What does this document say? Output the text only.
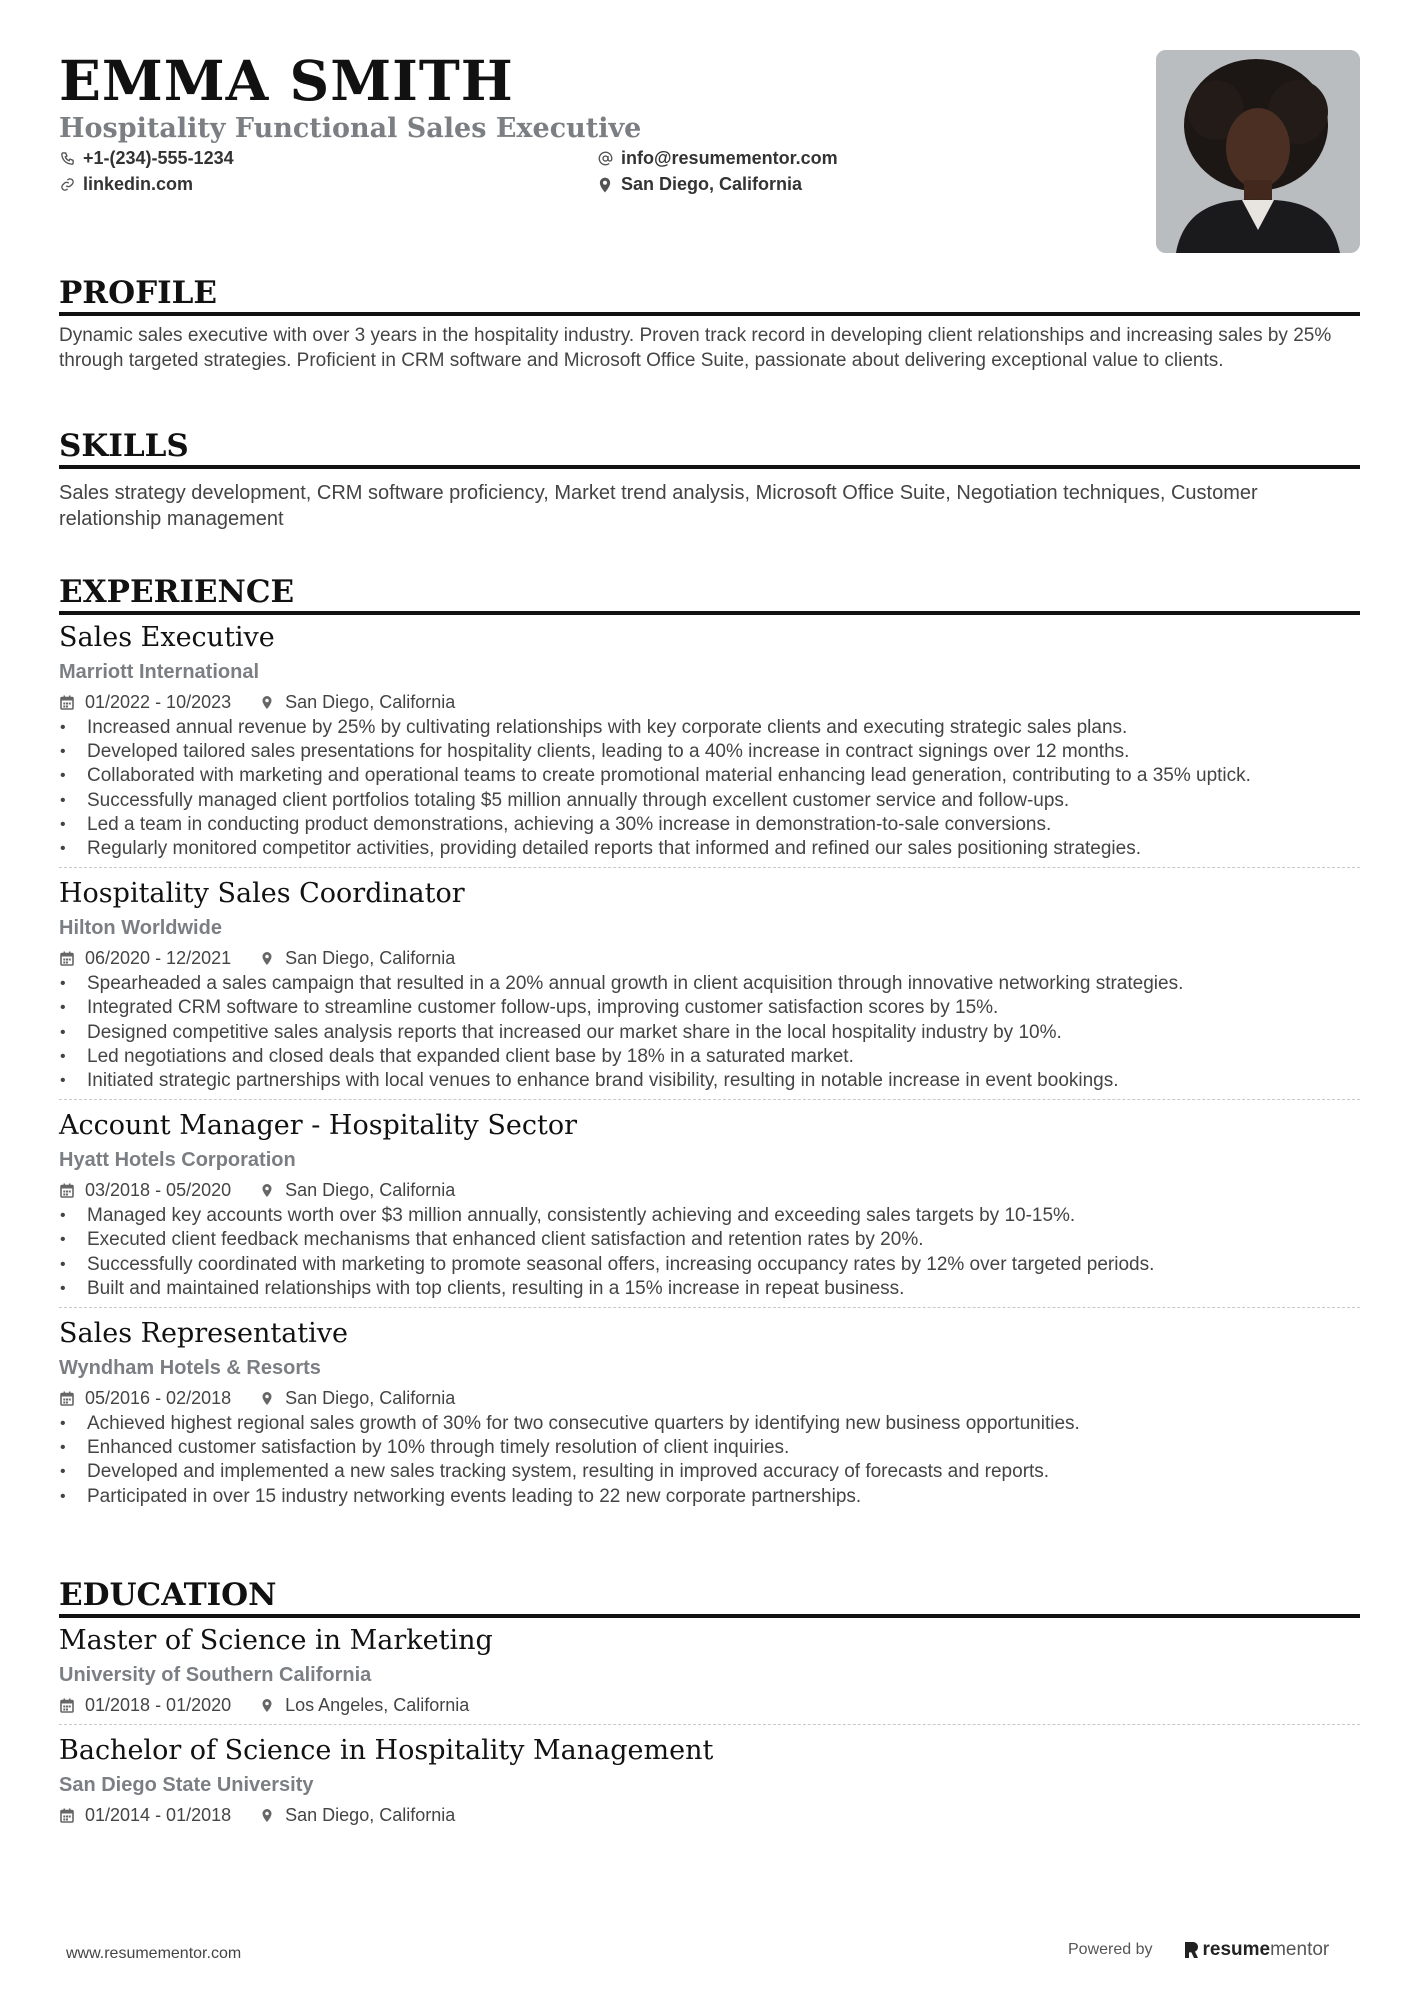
EMMA SMITH
Hospitality Functional Sales Executive
+1-(234)-555-1234
linkedin.com
info@resumementor.com
San Diego, California
PROFILE
Dynamic sales executive with over 3 years in the hospitality industry. Proven track record in developing client relationships and increasing sales by 25% through targeted strategies. Proficient in CRM software and Microsoft Office Suite, passionate about delivering exceptional value to clients.
SKILLS
Sales strategy development, CRM software proficiency, Market trend analysis, Microsoft Office Suite, Negotiation techniques, Customer relationship management
EXPERIENCE
Sales Executive
Marriott International
01/2022 - 10/2023	San Diego, California
• Increased annual revenue by 25% by cultivating relationships with key corporate clients and executing strategic sales plans.
• Developed tailored sales presentations for hospitality clients, leading to a 40% increase in contract signings over 12 months.
• Collaborated with marketing and operational teams to create promotional material enhancing lead generation, contributing to a 35% uptick.
• Successfully managed client portfolios totaling $5 million annually through excellent customer service and follow-ups.
• Led a team in conducting product demonstrations, achieving a 30% increase in demonstration-to-sale conversions.
• Regularly monitored competitor activities, providing detailed reports that informed and refined our sales positioning strategies.
Hospitality Sales Coordinator
Hilton Worldwide
06/2020 - 12/2021	San Diego, California
• Spearheaded a sales campaign that resulted in a 20% annual growth in client acquisition through innovative networking strategies.
• Integrated CRM software to streamline customer follow-ups, improving customer satisfaction scores by 15%.
• Designed competitive sales analysis reports that increased our market share in the local hospitality industry by 10%.
• Led negotiations and closed deals that expanded client base by 18% in a saturated market.
• Initiated strategic partnerships with local venues to enhance brand visibility, resulting in notable increase in event bookings.
Account Manager - Hospitality Sector
Hyatt Hotels Corporation
03/2018 - 05/2020	San Diego, California
• Managed key accounts worth over $3 million annually, consistently achieving and exceeding sales targets by 10-15%.
• Executed client feedback mechanisms that enhanced client satisfaction and retention rates by 20%.
• Successfully coordinated with marketing to promote seasonal offers, increasing occupancy rates by 12% over targeted periods.
• Built and maintained relationships with top clients, resulting in a 15% increase in repeat business.
Sales Representative
Wyndham Hotels & Resorts
05/2016 - 02/2018	San Diego, California
• Achieved highest regional sales growth of 30% for two consecutive quarters by identifying new business opportunities.
• Enhanced customer satisfaction by 10% through timely resolution of client inquiries.
• Developed and implemented a new sales tracking system, resulting in improved accuracy of forecasts and reports.
• Participated in over 15 industry networking events leading to 22 new corporate partnerships.
EDUCATION
Master of Science in Marketing
University of Southern California
01/2018 - 01/2020	Los Angeles, California
Bachelor of Science in Hospitality Management
San Diego State University
01/2014 - 01/2018	San Diego, California
www.resumementor.com	Powered by	resume mentor
